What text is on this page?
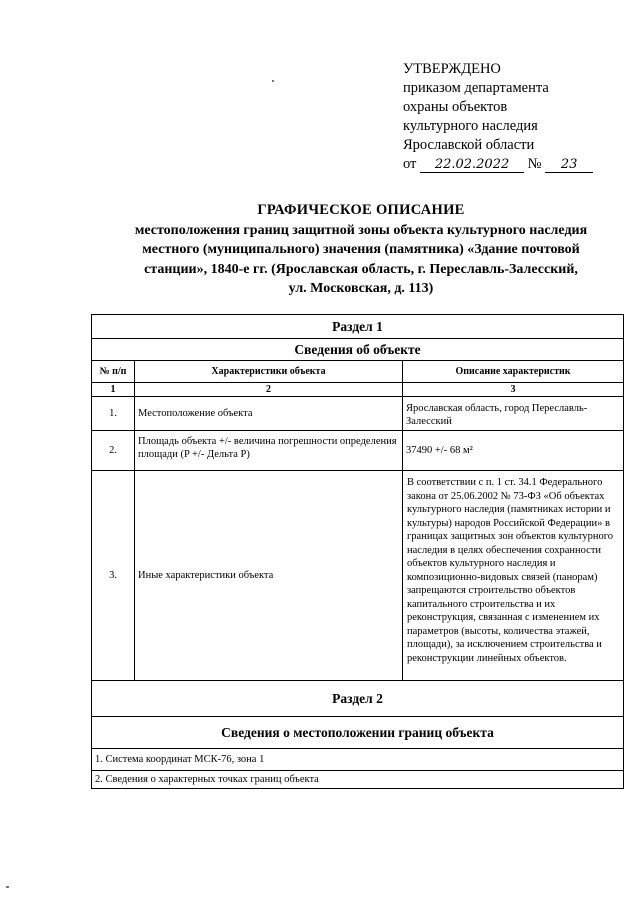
УТВЕРЖДЕНО
приказом департамента
охраны объектов
культурного наследия
Ярославской области
от 22.02.2022 № 23
ГРАФИЧЕСКОЕ ОПИСАНИЕ
местоположения границ защитной зоны объекта культурного наследия
местного (муниципального) значения (памятника) «Здание почтовой
станции», 1840-е гг. (Ярославская область, г. Переславль-Залесский,
ул. Московская, д. 113)
Раздел 1		
Сведения об объекте		
№ п/п	Характеристики объекта	Описание характеристик
1	2	3
1.	Местоположение объекта	Ярославская область, город Переславль-Залесский
2.	Площадь объекта +/- величина погрешности определения площади (P +/- Дельта P)	37490 +/- 68 м²
3.	Иные характеристики объекта	В соответствии с п. 1 ст. 34.1 Федерального закона от 25.06.2002 № 73-ФЗ «Об объектах культурного наследия (памятниках истории и культуры) народов Российской Федерации» в границах защитных зон объектов культурного наследия в целях обеспечения сохранности объектов культурного наследия и композиционно-видовых связей (панорам) запрещаются строительство объектов капитального строительства и их реконструкция, связанная с изменением их параметров (высоты, количества этажей, площади), за исключением строительства и реконструкции линейных объектов.
Раздел 2		
Сведения о местоположении границ объекта		
1. Система координат МСК-76, зона 1		
2. Сведения о характерных точках границ объекта		
